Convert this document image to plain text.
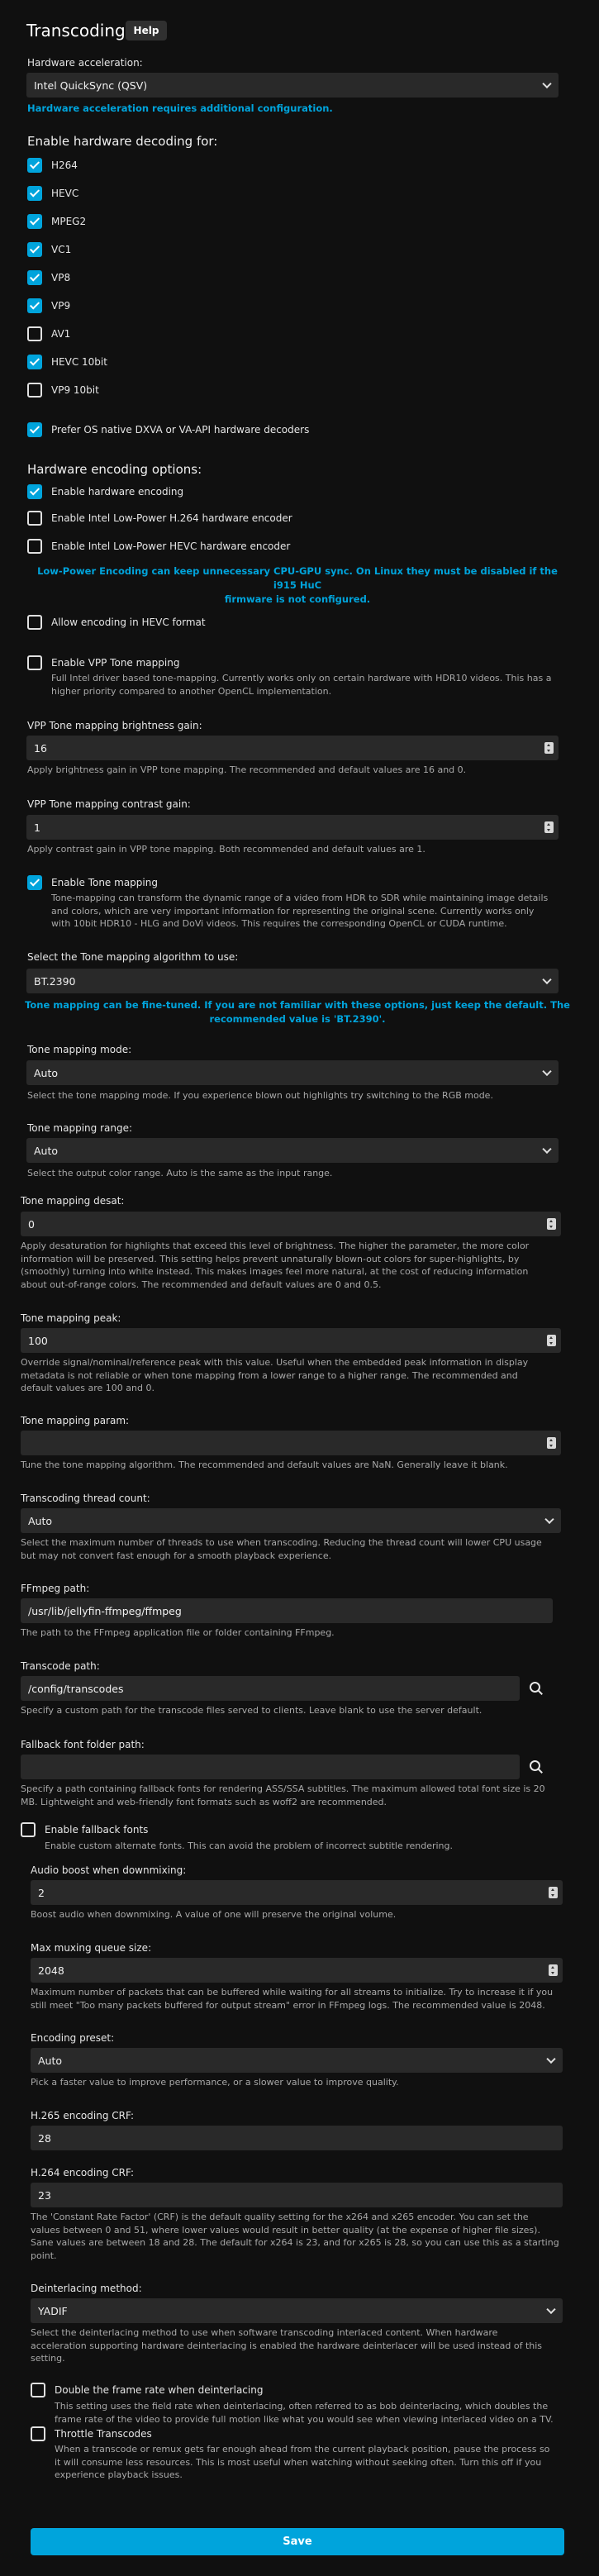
Transcoding Help
Hardware acceleration:
Intel QuickSync (QSV)
Hardware acceleration requires additional configuration.
Enable hardware decoding for:
H264
HEVC
MPEG2
VC1
VP8
VP9
AV1
HEVC 10bit
VP9 10bit
Prefer OS native DXVA or VA-API hardware decoders
Hardware encoding options:
Enable hardware encoding
Enable Intel Low-Power H.264 hardware encoder
Enable Intel Low-Power HEVC hardware encoder
Low-Power Encoding can keep unnecessary CPU-GPU sync. On Linux they must be disabled if the i915 HuC
firmware is not configured.
Allow encoding in HEVC format
Enable VPP Tone mapping
Full Intel driver based tone-mapping. Currently works only on certain hardware with HDR10 videos. This has a
higher priority compared to another OpenCL implementation.
VPP Tone mapping brightness gain:
16
Apply brightness gain in VPP tone mapping. The recommended and default values are 16 and 0.
VPP Tone mapping contrast gain:
1
Apply contrast gain in VPP tone mapping. Both recommended and default values are 1.
Enable Tone mapping
Tone-mapping can transform the dynamic range of a video from HDR to SDR while maintaining image details
and colors, which are very important information for representing the original scene. Currently works only
with 10bit HDR10 - HLG and DoVi videos. This requires the corresponding OpenCL or CUDA runtime.
Select the Tone mapping algorithm to use:
BT.2390
Tone mapping can be fine-tuned. If you are not familiar with these options, just keep the default. The
recommended value is 'BT.2390'.
Tone mapping mode:
Auto
Select the tone mapping mode. If you experience blown out highlights try switching to the RGB mode.
Tone mapping range:
Auto
Select the output color range. Auto is the same as the input range.
Tone mapping desat:
0
Apply desaturation for highlights that exceed this level of brightness. The higher the parameter, the more color
information will be preserved. This setting helps prevent unnaturally blown-out colors for super-highlights, by
(smoothly) turning into white instead. This makes images feel more natural, at the cost of reducing information
about out-of-range colors. The recommended and default values are 0 and 0.5.
Tone mapping peak:
100
Override signal/nominal/reference peak with this value. Useful when the embedded peak information in display
metadata is not reliable or when tone mapping from a lower range to a higher range. The recommended and
default values are 100 and 0.
Tone mapping param:
Tune the tone mapping algorithm. The recommended and default values are NaN. Generally leave it blank.
Transcoding thread count:
Auto
Select the maximum number of threads to use when transcoding. Reducing the thread count will lower CPU usage
but may not convert fast enough for a smooth playback experience.
FFmpeg path:
/usr/lib/jellyfin-ffmpeg/ffmpeg
The path to the FFmpeg application file or folder containing FFmpeg.
Transcode path:
/config/transcodes
Specify a custom path for the transcode files served to clients. Leave blank to use the server default.
Fallback font folder path:
Specify a path containing fallback fonts for rendering ASS/SSA subtitles. The maximum allowed total font size is 20
MB. Lightweight and web-friendly font formats such as woff2 are recommended.
Enable fallback fonts
Enable custom alternate fonts. This can avoid the problem of incorrect subtitle rendering.
Audio boost when downmixing:
2
Boost audio when downmixing. A value of one will preserve the original volume.
Max muxing queue size:
2048
Maximum number of packets that can be buffered while waiting for all streams to initialize. Try to increase it if you
still meet "Too many packets buffered for output stream" error in FFmpeg logs. The recommended value is 2048.
Encoding preset:
Auto
Pick a faster value to improve performance, or a slower value to improve quality.
H.265 encoding CRF:
28
H.264 encoding CRF:
23
The 'Constant Rate Factor' (CRF) is the default quality setting for the x264 and x265 encoder. You can set the
values between 0 and 51, where lower values would result in better quality (at the expense of higher file sizes).
Sane values are between 18 and 28. The default for x264 is 23, and for x265 is 28, so you can use this as a starting
point.
Deinterlacing method:
YADIF
Select the deinterlacing method to use when software transcoding interlaced content. When hardware
acceleration supporting hardware deinterlacing is enabled the hardware deinterlacer will be used instead of this
setting.
Double the frame rate when deinterlacing
This setting uses the field rate when deinterlacing, often referred to as bob deinterlacing, which doubles the frame rate of the video to provide full motion like what you would see when viewing interlaced video on a TV.
Throttle Transcodes
When a transcode or remux gets far enough ahead from the current playback position, pause the process so
it will consume less resources. This is most useful when watching without seeking often. Turn this off if you
experience playback issues.
Save
